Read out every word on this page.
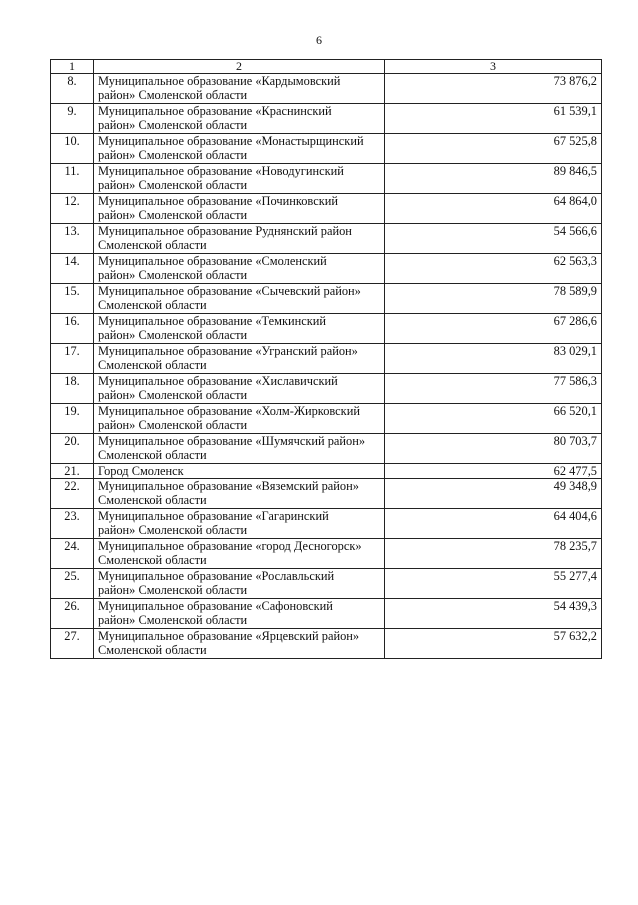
6
1	2	3
8.	Муниципальное образование «Кардымовский
район» Смоленской области	73 876,2
9.	Муниципальное образование «Краснинский
район» Смоленской области	61 539,1
10.	Муниципальное образование «Монастырщинский
район» Смоленской области	67 525,8
11.	Муниципальное образование «Новодугинский
район» Смоленской области	89 846,5
12.	Муниципальное образование «Починковский
район» Смоленской области	64 864,0
13.	Муниципальное образование Руднянский район
Смоленской области	54 566,6
14.	Муниципальное образование «Смоленский
район» Смоленской области	62 563,3
15.	Муниципальное образование «Сычевский район»
Смоленской области	78 589,9
16.	Муниципальное образование «Темкинский
район» Смоленской области	67 286,6
17.	Муниципальное образование «Угранский район»
Смоленской области	83 029,1
18.	Муниципальное образование «Хиславичский
район» Смоленской области	77 586,3
19.	Муниципальное образование «Холм-Жирковский
район» Смоленской области	66 520,1
20.	Муниципальное образование «Шумячский район»
Смоленской области	80 703,7
21.	Город Смоленск	62 477,5
22.	Муниципальное образование «Вяземский район»
Смоленской области	49 348,9
23.	Муниципальное образование «Гагаринский
район» Смоленской области	64 404,6
24.	Муниципальное образование «город Десногорск»
Смоленской области	78 235,7
25.	Муниципальное образование «Рославльский
район» Смоленской области	55 277,4
26.	Муниципальное образование «Сафоновский
район» Смоленской области	54 439,3
27.	Муниципальное образование «Ярцевский район»
Смоленской области	57 632,2
